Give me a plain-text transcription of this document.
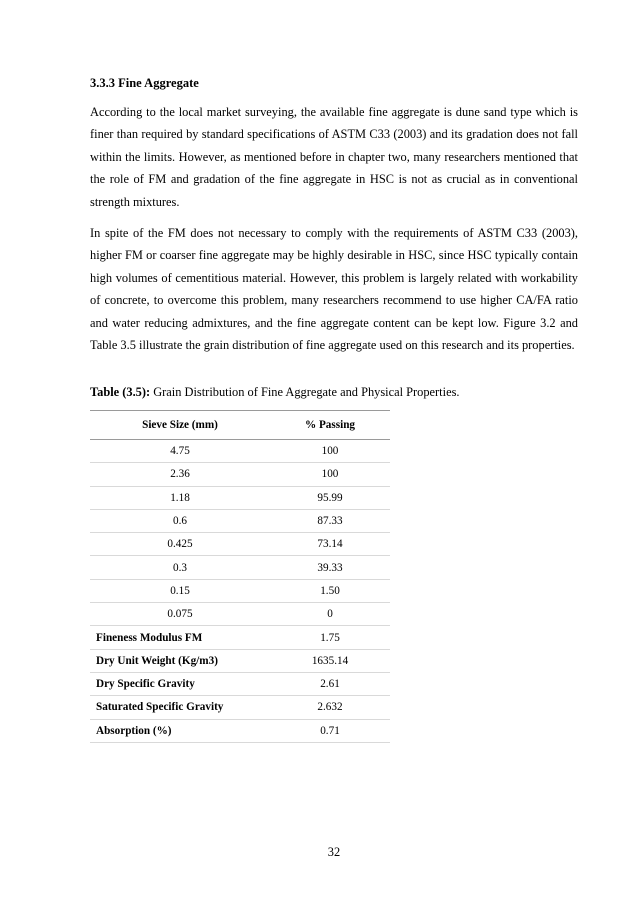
3.3.3 Fine Aggregate

According to the local market surveying, the available fine aggregate is dune sand type which is finer than required by standard specifications of ASTM C33 (2003) and its gradation does not fall within the limits. However, as mentioned before in chapter two, many researchers mentioned that the role of FM and gradation of the fine aggregate in HSC is not as crucial as in conventional strength mixtures.

In spite of the FM does not necessary to comply with the requirements of ASTM C33 (2003), higher FM or coarser fine aggregate may be highly desirable in HSC, since HSC typically contain high volumes of cementitious material. However, this problem is largely related with workability of concrete, to overcome this problem, many researchers recommend to use higher CA/FA ratio and water reducing admixtures, and the fine aggregate content can be kept low. Figure 3.2 and Table 3.5 illustrate the grain distribution of fine aggregate used on this research and its properties.

Table (3.5): Grain Distribution of Fine Aggregate and Physical Properties.

Sieve Size (mm)	% Passing
4.75	100
2.36	100
1.18	95.99
0.6	87.33
0.425	73.14
0.3	39.33
0.15	1.50
0.075	0
Fineness Modulus FM	1.75
Dry Unit Weight (Kg/m3)	1635.14
Dry Specific Gravity	2.61
Saturated Specific Gravity	2.632
Absorption (%)	0.71

32
